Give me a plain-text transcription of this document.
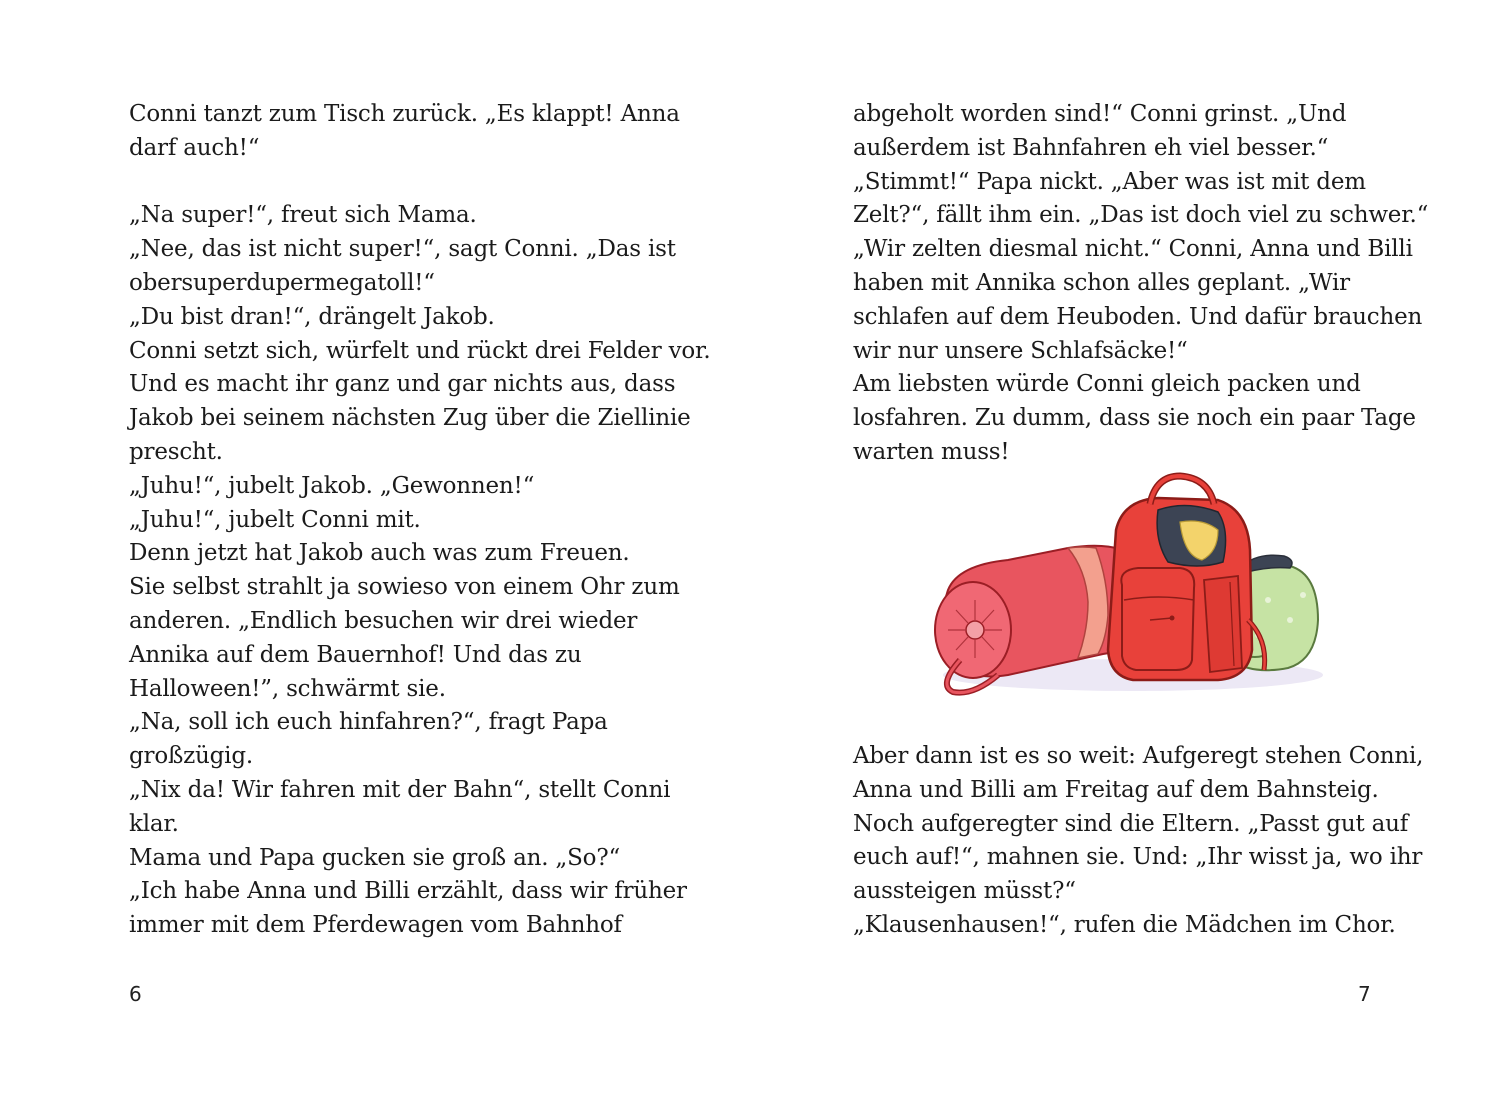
Conni tanzt zum Tisch zurück. „Es klappt! Anna
darf auch!“
„Na super!“, freut sich Mama.
„Nee, das ist nicht super!“, sagt Conni. „Das ist
obersuperdupermegatoll!“
„Du bist dran!“, drängelt Jakob.
Conni setzt sich, würfelt und rückt drei Felder vor.
Und es macht ihr ganz und gar nichts aus, dass
Jakob bei seinem nächsten Zug über die Ziellinie
prescht.
„Juhu!“, jubelt Jakob. „Gewonnen!“
„Juhu!“, jubelt Conni mit.
Denn jetzt hat Jakob auch was zum Freuen.
Sie selbst strahlt ja sowieso von einem Ohr zum
anderen. „Endlich besuchen wir drei wieder
Annika auf dem Bauernhof! Und das zu
Halloween!”, schwärmt sie.
„Na, soll ich euch hinfahren?“, fragt Papa
großzügig.
„Nix da! Wir fahren mit der Bahn“, stellt Conni
klar.
Mama und Papa gucken sie groß an. „So?“
„Ich habe Anna und Billi erzählt, dass wir früher
immer mit dem Pferdewagen vom Bahnhof
6
abgeholt worden sind!“ Conni grinst. „Und
außerdem ist Bahnfahren eh viel besser.“
„Stimmt!“ Papa nickt. „Aber was ist mit dem
Zelt?“, fällt ihm ein. „Das ist doch viel zu schwer.“
„Wir zelten diesmal nicht.“ Conni, Anna und Billi
haben mit Annika schon alles geplant. „Wir
schlafen auf dem Heuboden. Und dafür brauchen
wir nur unsere Schlafsäcke!“
Am liebsten würde Conni gleich packen und
losfahren. Zu dumm, dass sie noch ein paar Tage
warten muss!
Aber dann ist es so weit: Aufgeregt stehen Conni,
Anna und Billi am Freitag auf dem Bahnsteig.
Noch aufgeregter sind die Eltern. „Passt gut auf
euch auf!“, mahnen sie. Und: „Ihr wisst ja, wo ihr
aussteigen müsst?“
„Klausenhausen!“, rufen die Mädchen im Chor.
7
